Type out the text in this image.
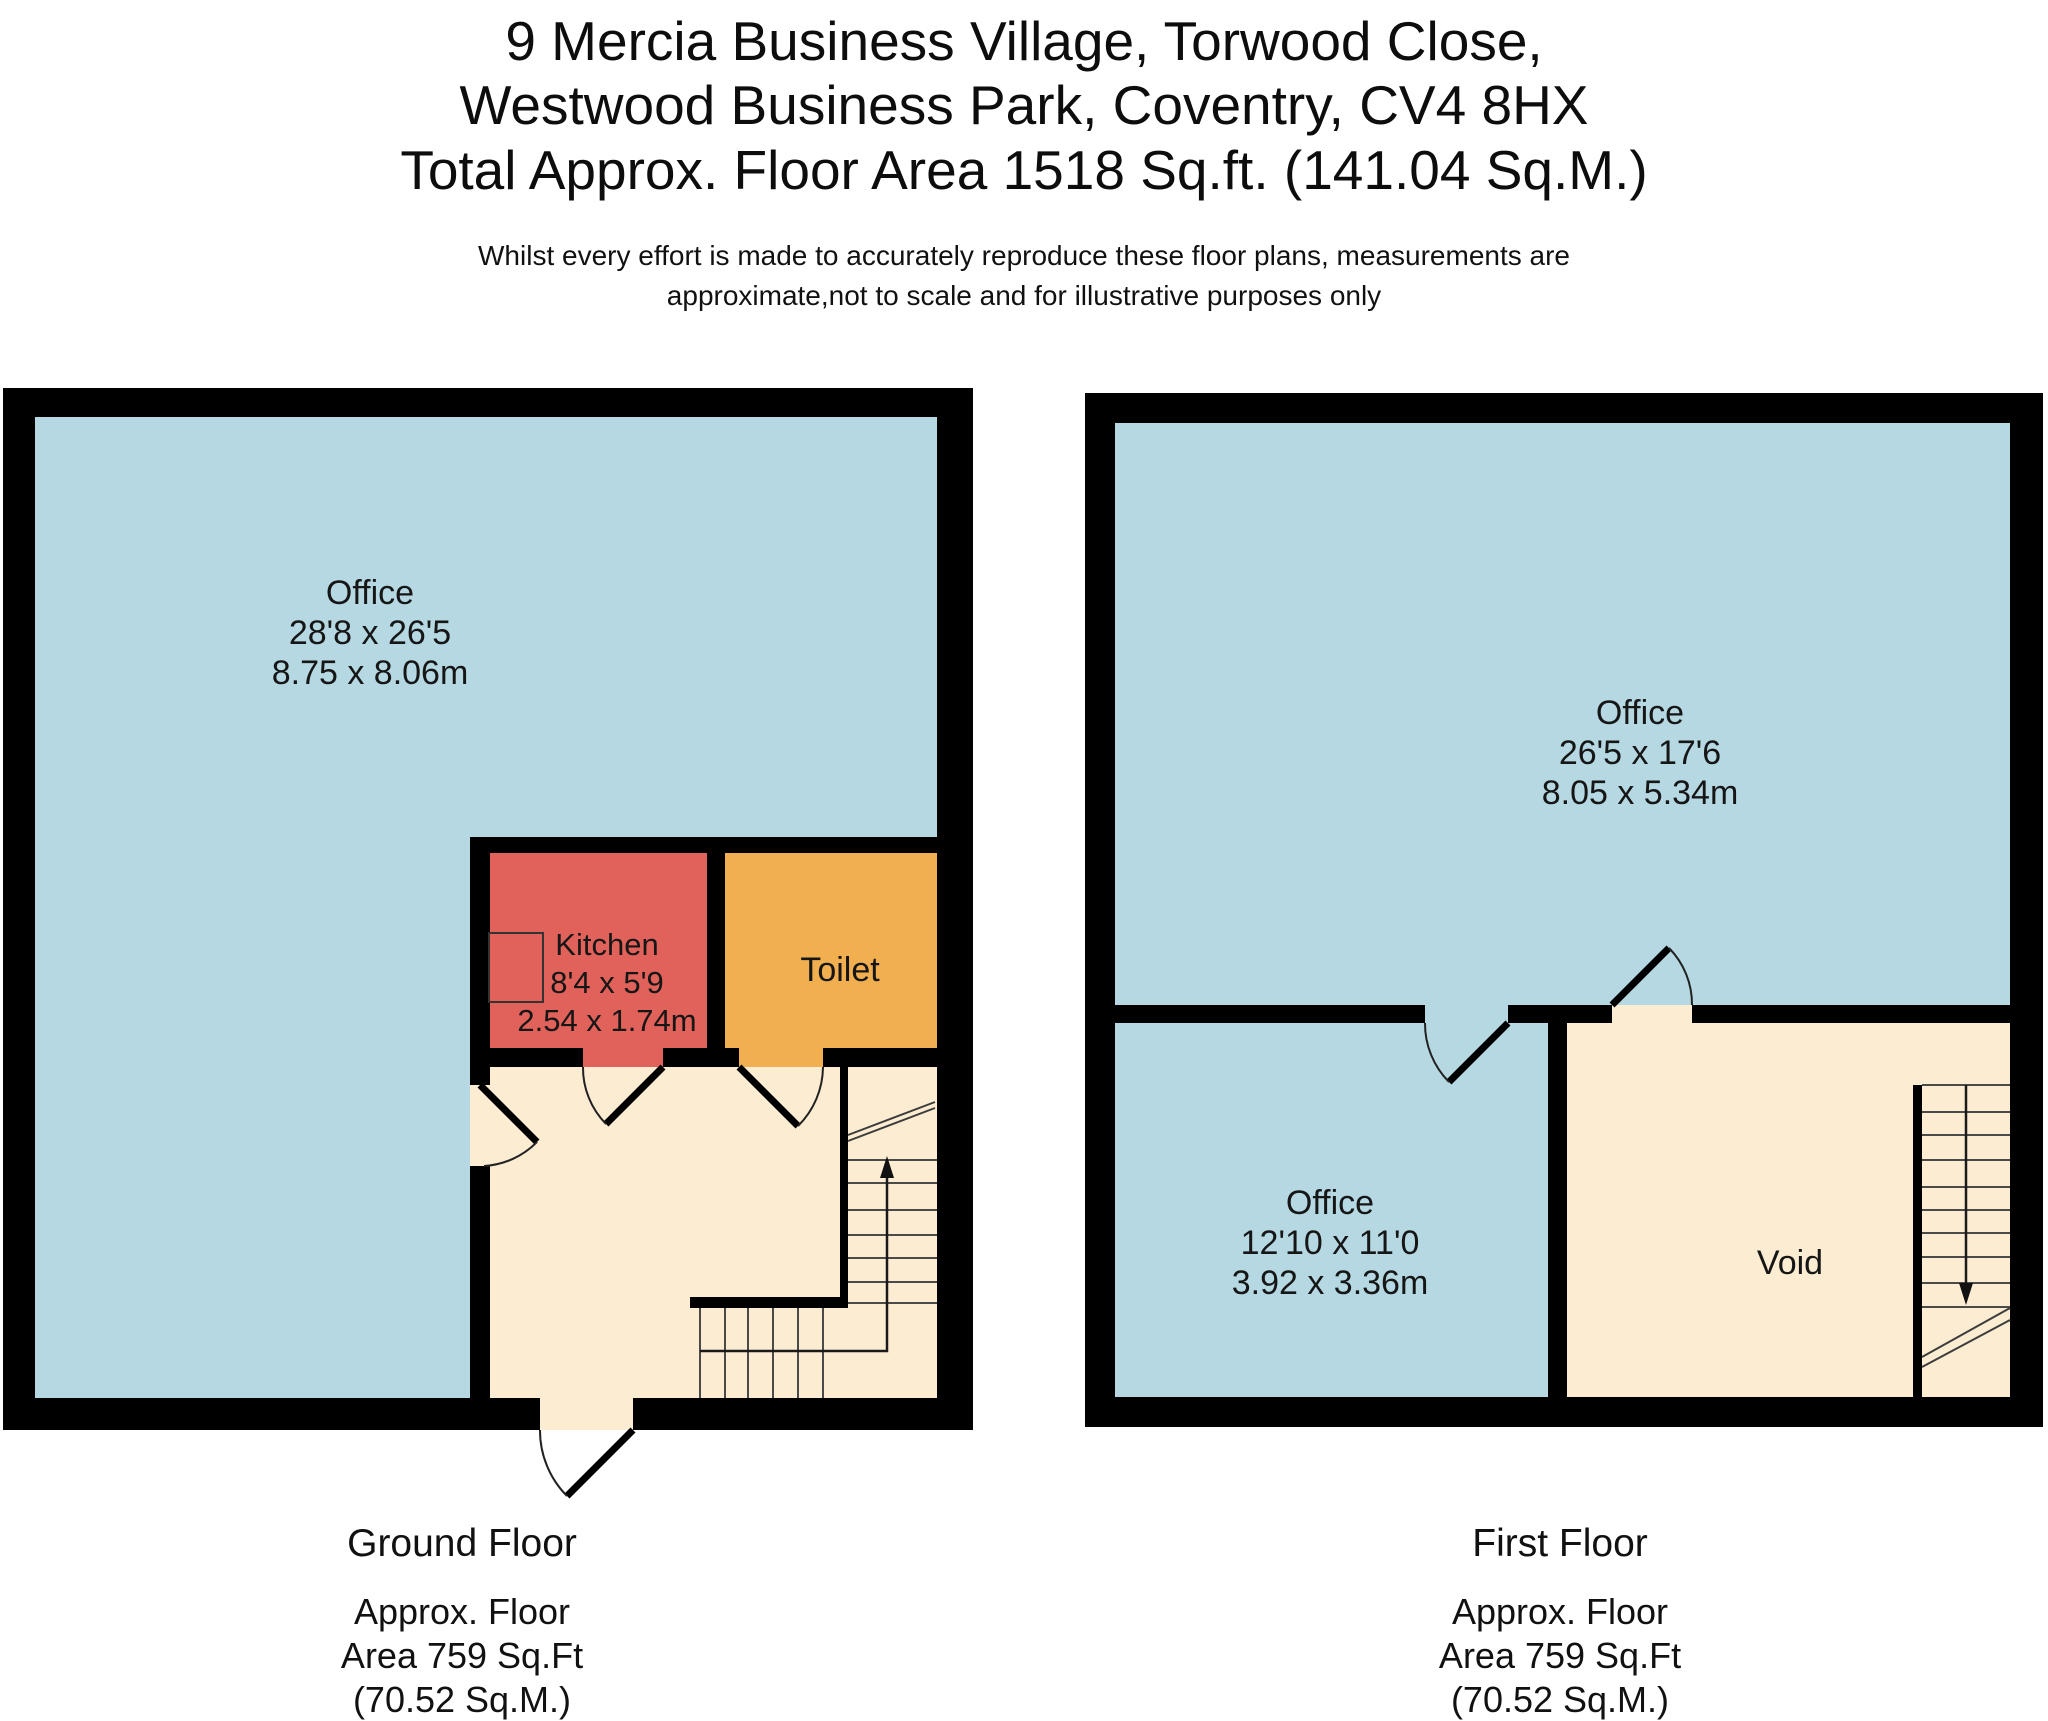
9 Mercia Business Village, Torwood Close,
Westwood Business Park, Coventry, CV4 8HX
Total Approx. Floor Area 1518 Sq.ft. (141.04 Sq.M.)
Whilst every effort is made to accurately reproduce these floor plans, measurements are
approximate,not to scale and for illustrative purposes only
Office
28'8 x 26'5
8.75 x 8.06m
Kitchen
8'4 x 5'9
2.54 x 1.74m
Toilet
Office
26'5 x 17'6
8.05 x 5.34m
Office
12'10 x 11'0
3.92 x 3.36m
Void
Ground Floor
Approx. Floor
Area 759 Sq.Ft
(70.52 Sq.M.)
First Floor
Approx. Floor
Area 759 Sq.Ft
(70.52 Sq.M.)
